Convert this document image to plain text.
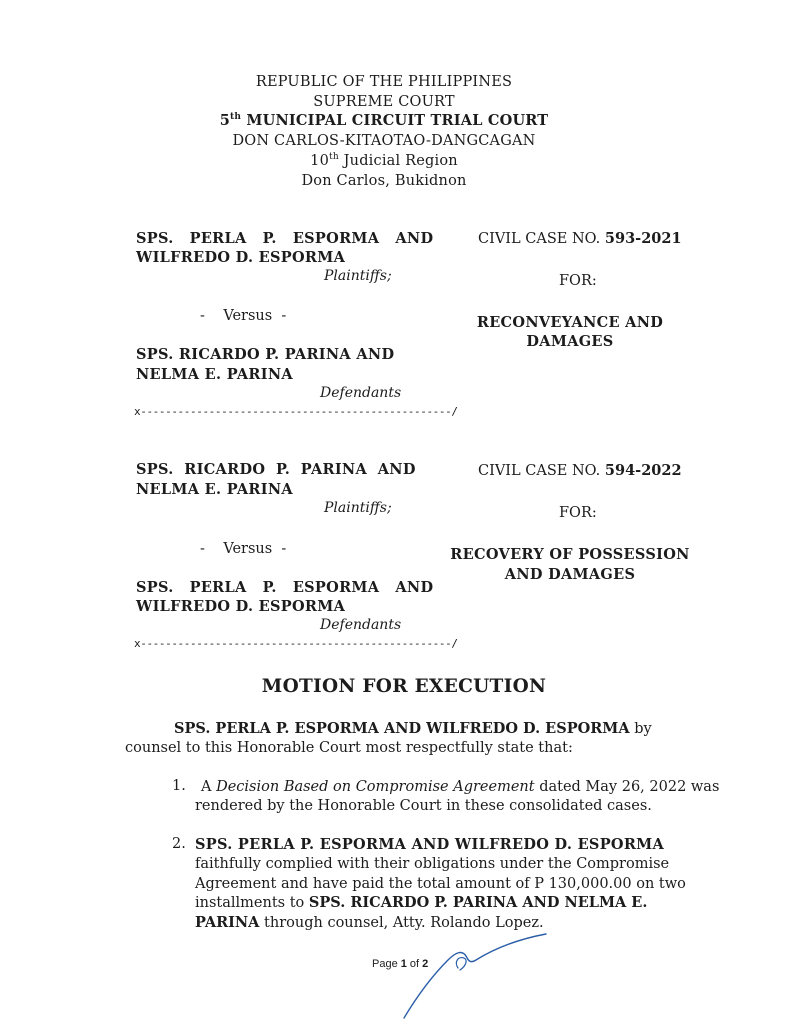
REPUBLIC OF THE PHILIPPINES
SUPREME COURT
5th MUNICIPAL CIRCUIT TRIAL COURT
DON CARLOS-KITAOTAO-DANGCAGAN
10th Judicial Region
Don Carlos, Bukidnon
SPS.   PERLA   P.   ESPORMA   AND
WILFREDO D. ESPORMA
Plaintiffs;
-    Versus  -
SPS. RICARDO P. PARINA AND
NELMA E. PARINA
Defendants
x--------------------------------------------------/
CIVIL CASE NO. 593-2021
FOR:
RECONVEYANCE AND
DAMAGES
SPS.  RICARDO  P.  PARINA  AND
NELMA E. PARINA
Plaintiffs;
-    Versus  -
SPS.   PERLA   P.   ESPORMA   AND
WILFREDO D. ESPORMA
Defendants
x--------------------------------------------------/
CIVIL CASE NO. 594-2022
FOR:
RECOVERY OF POSSESSION
AND DAMAGES
MOTION FOR EXECUTION
SPS. PERLA P. ESPORMA AND WILFREDO D. ESPORMA by
counsel to this Honorable Court most respectfully state that:
1. A Decision Based on Compromise Agreement dated May 26, 2022 was
rendered by the Honorable Court in these consolidated cases.
2. SPS. PERLA P. ESPORMA AND WILFREDO D. ESPORMA
faithfully complied with their obligations under the Compromise
Agreement and have paid the total amount of P 130,000.00 on two
installments to SPS. RICARDO P. PARINA AND NELMA E.
PARINA through counsel, Atty. Rolando Lopez.
Page 1 of 2
